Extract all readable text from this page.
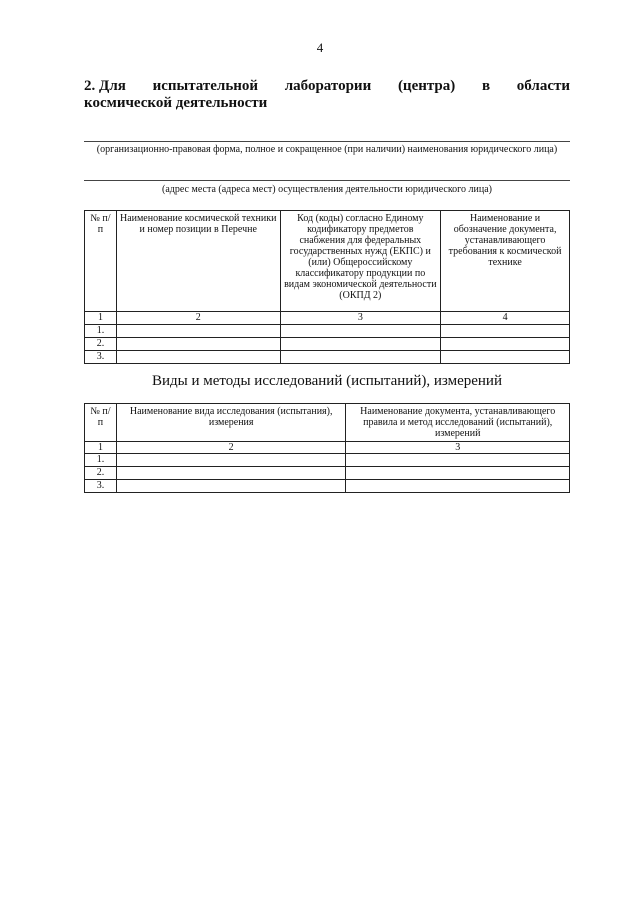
4
2. Для испытательной лаборатории (центра) в области
космической деятельности
(организационно-правовая форма, полное и сокращенное (при наличии) наименования юридического лица)
(адрес места (адреса мест) осуществления деятельности юридического лица)
№ п/п	Наименование космической техники и номер позиции в Перечне	Код (коды) согласно Единому кодификатору предметов снабжения для федеральных государственных нужд (ЕКПС) и (или) Общероссийскому классификатору продукции по видам экономической деятельности (ОКПД 2)	Наименование и обозначение документа, устанавливающего требования к космической технике
1	2	3	4
1.			
2.			
3.			
Виды и методы исследований (испытаний), измерений
№ п/п	Наименование вида исследования (испытания), измерения	Наименование документа, устанавливающего правила и метод исследований (испытаний), измерений
1	2	3
1.		
2.		
3.		
